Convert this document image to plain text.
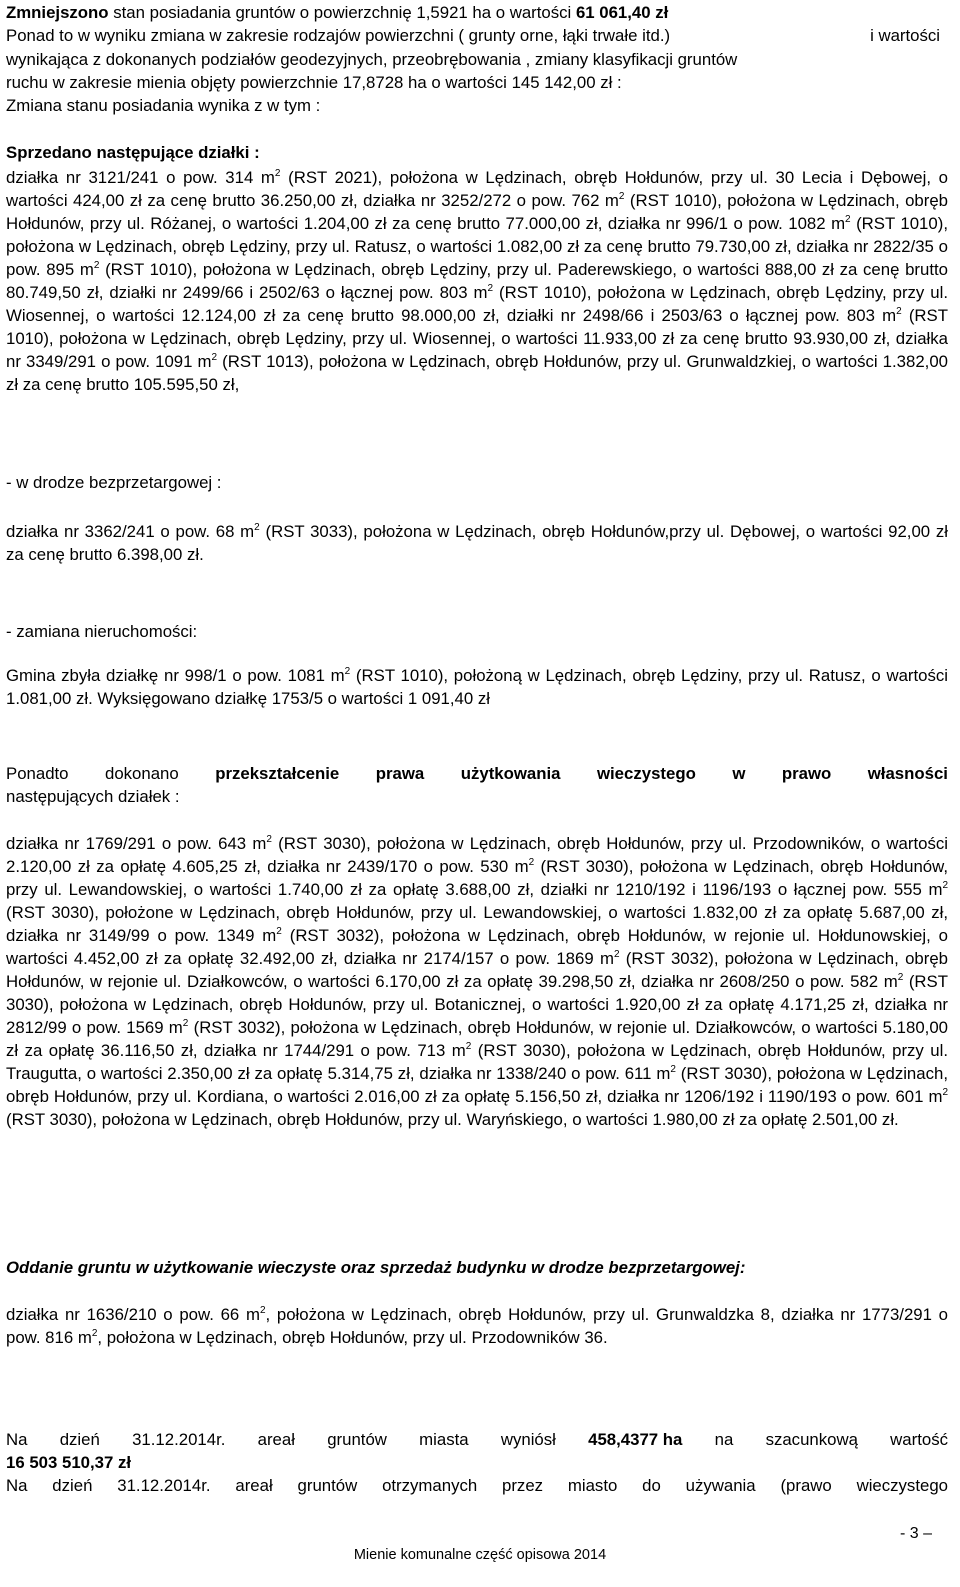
Zmniejszono stan posiadania gruntów o powierzchnię 1,5921 ha o wartości 61 061,40 zł
Ponad to w wyniku zmiana w zakresie rodzajów powierzchni ( grunty orne, łąki trwałe itd.)	i wartości
wynikająca z dokonanych podziałów geodezyjnych, przeobrębowania , zmiany klasyfikacji gruntów
ruchu w zakresie mienia objęty powierzchnie 17,8728 ha o wartości 145 142,00 zł :
Zmiana stanu posiadania wynika z w tym :
Sprzedano następujące działki :

działka nr 3121/241 o pow. 314 $m^2$ (RST 2021), położona w Lędzinach, obręb Hołdunów, przy ul. 30 Lecia i Dębowej, o wartości 424,00 zł za cenę brutto 36.250,00 zł, działka nr 3252/272 o pow. 762 $m^2$ (RST 1010), położona w Lędzinach, obręb Hołdunów, przy ul. Różanej, o wartości 1.204,00 zł za cenę brutto 77.000,00 zł, działka nr 996/1 o pow. 1082 $m^2$ (RST 1010), położona w Lędzinach, obręb Lędziny, przy ul. Ratusz, o wartości 1.082,00 zł za cenę brutto 79.730,00 zł, działka nr 2822/35 o pow. 895 $m^2$ (RST 1010), położona w Lędzinach, obręb Lędziny, przy ul. Paderewskiego, o wartości 888,00 zł za cenę brutto 80.749,50 zł, działki nr 2499/66 i 2502/63 o łącznej pow. 803 $m^2$ (RST 1010), położona w Lędzinach, obręb Lędziny, przy ul. Wiosennej, o wartości 12.124,00 zł za cenę brutto 98.000,00 zł, działki nr 2498/66 i 2503/63 o łącznej pow. 803 $m^2$ (RST 1010), położona w Lędzinach, obręb Lędziny, przy ul. Wiosennej, o wartości 11.933,00 zł za cenę brutto 93.930,00 zł, działka nr 3349/291 o pow. 1091 $m^2$ (RST 1013), położona w Lędzinach, obręb Hołdunów, przy ul. Grunwaldzkiej, o wartości 1.382,00 zł za cenę brutto 105.595,50 zł,

- w drodze bezprzetargowej :

działka nr 3362/241 o pow. 68 $m^2$ (RST 3033), położona w Lędzinach, obręb Hołdunów,przy ul. Dębowej, o wartości 92,00 zł za cenę brutto 6.398,00 zł.

- zamiana nieruchomości:

Gmina zbyła działkę nr 998/1 o pow. 1081 $m^2$ (RST 1010), położoną w Lędzinach, obręb Lędziny, przy ul. Ratusz, o wartości 1.081,00 zł. Wyksięgowano działkę 1753/5 o wartości 1 091,40 zł

Ponadto dokonano przekształcenie prawa użytkowania wieczystego w prawo własności
następujących działek :

działka nr 1769/291 o pow. 643 $m^2$ (RST 3030), położona w Lędzinach, obręb Hołdunów, przy ul. Przodowników, o wartości 2.120,00 zł za opłatę 4.605,25 zł, działka nr 2439/170 o pow. 530 $m^2$ (RST 3030), położona w Lędzinach, obręb Hołdunów, przy ul. Lewandowskiej, o wartości 1.740,00 zł za opłatę 3.688,00 zł, działki nr 1210/192 i 1196/193 o łącznej pow. 555 $m^2$ (RST 3030), położone w Lędzinach, obręb Hołdunów, przy ul. Lewandowskiej, o wartości 1.832,00 zł za opłatę 5.687,00 zł, działka nr 3149/99 o pow. 1349 $m^2$ (RST 3032), położona w Lędzinach, obręb Hołdunów, w rejonie ul. Hołdunowskiej, o wartości 4.452,00 zł za opłatę 32.492,00 zł, działka nr 2174/157 o pow. 1869 $m^2$ (RST 3032), położona w Lędzinach, obręb Hołdunów, w rejonie ul. Działkowców, o wartości 6.170,00 zł za opłatę 39.298,50 zł, działka nr 2608/250 o pow. 582 $m^2$ (RST 3030), położona w Lędzinach, obręb Hołdunów, przy ul. Botanicznej, o wartości 1.920,00 zł za opłatę 4.171,25 zł, działka nr 2812/99 o pow. 1569 $m^2$ (RST 3032), położona w Lędzinach, obręb Hołdunów, w rejonie ul. Działkowców, o wartości 5.180,00 zł za opłatę 36.116,50 zł, działka nr 1744/291 o pow. 713 $m^2$ (RST 3030), położona w Lędzinach, obręb Hołdunów, przy ul. Traugutta, o wartości 2.350,00 zł za opłatę 5.314,75 zł, działka nr 1338/240 o pow. 611 $m^2$ (RST 3030), położona w Lędzinach, obręb Hołdunów, przy ul. Kordiana, o wartości 2.016,00 zł za opłatę 5.156,50 zł, działka nr 1206/192 i 1190/193 o pow. 601 $m^2$ (RST 3030), położona w Lędzinach, obręb Hołdunów, przy ul. Waryńskiego, o wartości 1.980,00 zł za opłatę 2.501,00 zł.

Oddanie gruntu w użytkowanie wieczyste oraz sprzedaż budynku w drodze bezprzetargowej:

działka nr 1636/210 o pow. 66 $m^2$, położona w Lędzinach, obręb Hołdunów, przy ul. Grunwaldzka 8, działka nr 1773/291 o pow. 816 $m^2$, położona w Lędzinach, obręb Hołdunów, przy ul. Przodowników 36.

Na dzień 31.12.2014r. areał gruntów miasta wyniósł 458,4377 ha na szacunkową wartość
16 503 510,37 zł
Na dzień 31.12.2014r. areał gruntów otrzymanych przez miasto do używania (prawo wieczystego
- 3 –
Mienie komunalne część opisowa 2014
